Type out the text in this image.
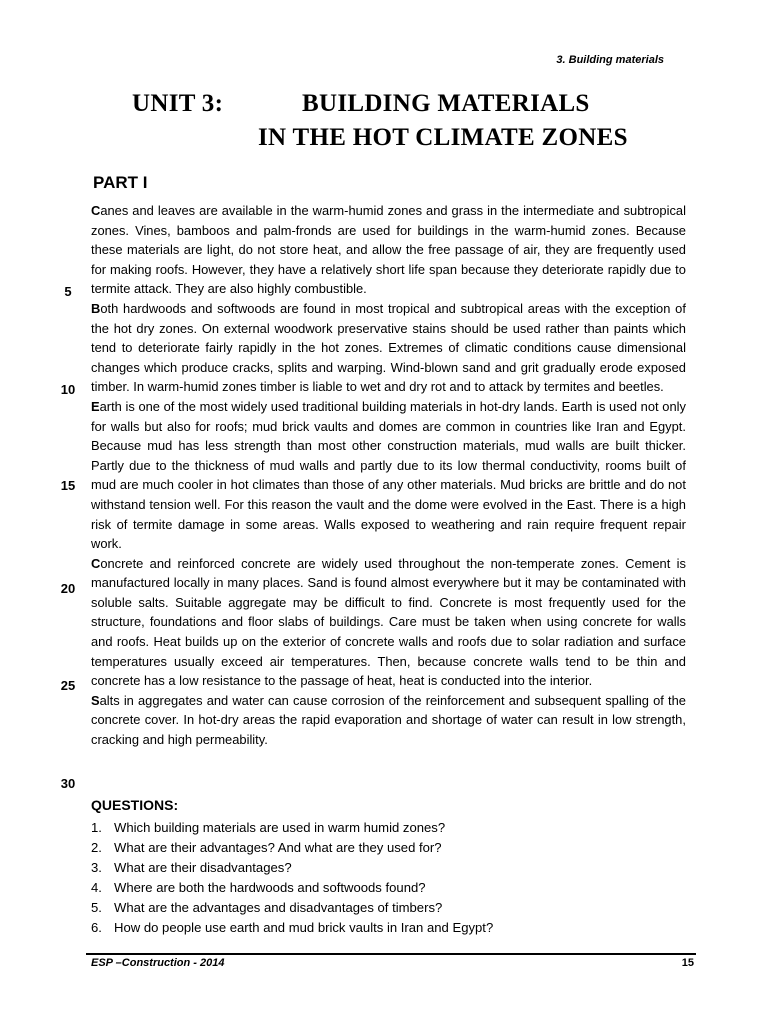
3. Building materials
UNIT 3:	BUILDING MATERIALS
IN THE HOT CLIMATE ZONES
PART I

Canes and leaves are available in the warm-humid zones and grass in the intermediate and subtropical zones. Vines, bamboos and palm-fronds are used for buildings in the warm-humid zones. Because these materials are light, do not store heat, and allow the free passage of air, they are frequently used for making roofs. However, they have a relatively short life span because they deteriorate rapidly due to termite attack. They are also highly combustible.

Both hardwoods and softwoods are found in most tropical and subtropical areas with the exception of the hot dry zones. On external woodwork preservative stains should be used rather than paints which tend to deteriorate fairly rapidly in the hot zones. Extremes of climatic conditions cause dimensional changes which produce cracks, splits and warping. Wind-blown sand and grit gradually erode exposed timber. In warm-humid zones timber is liable to wet and dry rot and to attack by termites and beetles.

Earth is one of the most widely used traditional building materials in hot-dry lands. Earth is used not only for walls but also for roofs; mud brick vaults and domes are common in countries like Iran and Egypt. Because mud has less strength than most other construction materials, mud walls are built thicker. Partly due to the thickness of mud walls and partly due to its low thermal conductivity, rooms built of mud are much cooler in hot climates than those of any other materials. Mud bricks are brittle and do not withstand tension well. For this reason the vault and the dome were evolved in the East. There is a high risk of termite damage in some areas. Walls exposed to weathering and rain require frequent repair work.

Concrete and reinforced concrete are widely used throughout the non-temperate zones. Cement is manufactured locally in many places. Sand is found almost everywhere but it may be contaminated with soluble salts. Suitable aggregate may be difficult to find. Concrete is most frequently used for the structure, foundations and floor slabs of buildings. Care must be taken when using concrete for walls and roofs. Heat builds up on the exterior of concrete walls and roofs due to solar radiation and surface temperatures usually exceed air temperatures. Then, because concrete walls tend to be thin and concrete has a low resistance to the passage of heat, heat is conducted into the interior.

Salts in aggregates and water can cause corrosion of the reinforcement and subsequent spalling of the concrete cover. In hot-dry areas the rapid evaporation and shortage of water can result in low strength, cracking and high permeability.

5
10
15
20
25
30
QUESTIONS:
1. Which building materials are used in warm humid zones?
2. What are their advantages? And what are they used for?
3. What are their disadvantages?
4. Where are both the hardwoods and softwoods found?
5. What are the advantages and disadvantages of timbers?
6. How do people use earth and mud brick vaults in Iran and Egypt?
ESP –Construction - 2014	15
